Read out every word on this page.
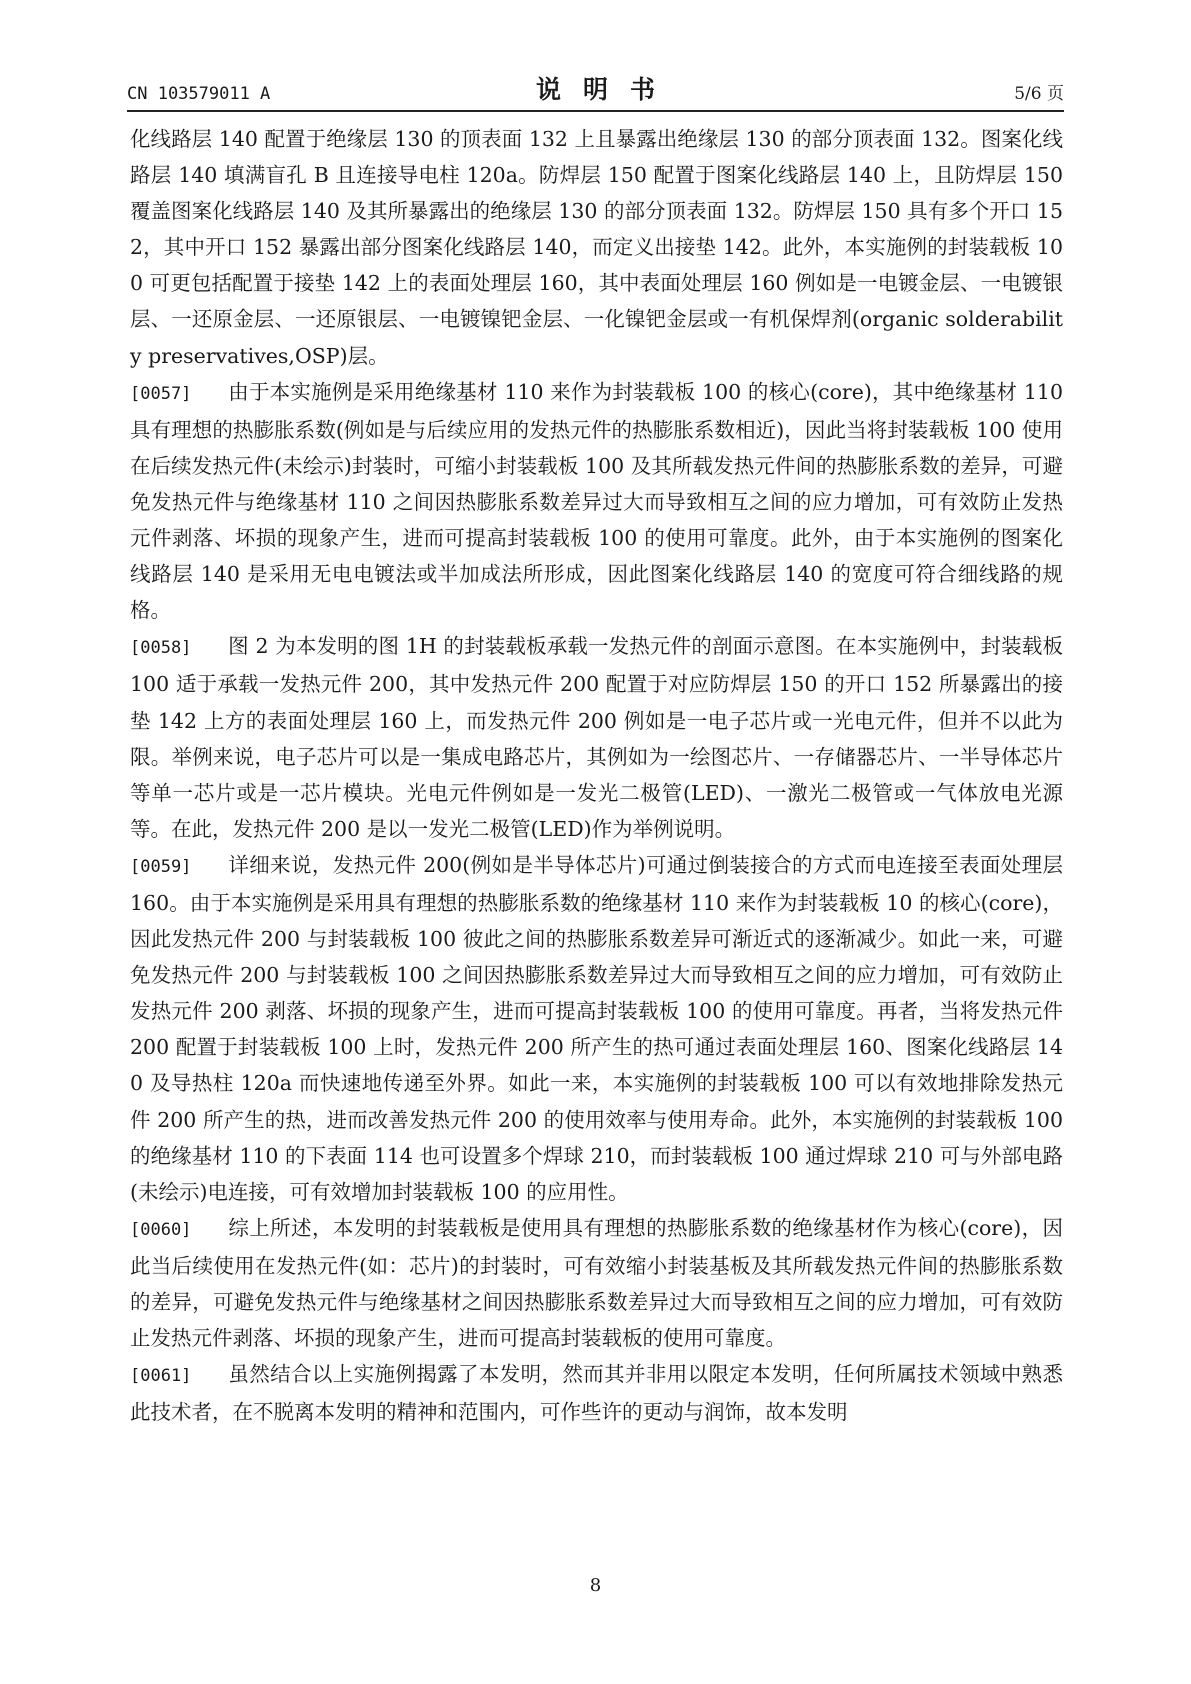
CN 103579011 A	说明书	5/6 页

化线路层 140 配置于绝缘层 130 的顶表面 132 上且暴露出绝缘层 130 的部分顶表面 132。图案化线路层 140 填满盲孔 B 且连接导电柱 120a。防焊层 150 配置于图案化线路层 140 上，且防焊层 150 覆盖图案化线路层 140 及其所暴露出的绝缘层 130 的部分顶表面 132。防焊层 150 具有多个开口 152，其中开口 152 暴露出部分图案化线路层 140，而定义出接垫 142。此外，本实施例的封装载板 100 可更包括配置于接垫 142 上的表面处理层 160，其中表面处理层 160 例如是一电镀金层、一电镀银层、一还原金层、一还原银层、一电镀镍钯金层、一化镍钯金层或一有机保焊剂(organic solderability preservatives,OSP)层。

[0057] 由于本实施例是采用绝缘基材 110 来作为封装载板 100 的核心(core)，其中绝缘基材 110 具有理想的热膨胀系数(例如是与后续应用的发热元件的热膨胀系数相近)，因此当将封装载板 100 使用在后续发热元件(未绘示)封装时，可缩小封装载板 100 及其所载发热元件间的热膨胀系数的差异，可避免发热元件与绝缘基材 110 之间因热膨胀系数差异过大而导致相互之间的应力增加，可有效防止发热元件剥落、坏损的现象产生，进而可提高封装载板 100 的使用可靠度。此外，由于本实施例的图案化线路层 140 是采用无电电镀法或半加成法所形成，因此图案化线路层 140 的宽度可符合细线路的规格。

[0058] 图 2 为本发明的图 1H 的封装载板承载一发热元件的剖面示意图。在本实施例中，封装载板 100 适于承载一发热元件 200，其中发热元件 200 配置于对应防焊层 150 的开口 152 所暴露出的接垫 142 上方的表面处理层 160 上，而发热元件 200 例如是一电子芯片或一光电元件，但并不以此为限。举例来说，电子芯片可以是一集成电路芯片，其例如为一绘图芯片、一存储器芯片、一半导体芯片等单一芯片或是一芯片模块。光电元件例如是一发光二极管(LED)、一激光二极管或一气体放电光源等。在此，发热元件 200 是以一发光二极管(LED)作为举例说明。

[0059] 详细来说，发热元件 200(例如是半导体芯片)可通过倒装接合的方式而电连接至表面处理层 160。由于本实施例是采用具有理想的热膨胀系数的绝缘基材 110 来作为封装载板 10 的核心(core)，因此发热元件 200 与封装载板 100 彼此之间的热膨胀系数差异可渐近式的逐渐减少。如此一来，可避免发热元件 200 与封装载板 100 之间因热膨胀系数差异过大而导致相互之间的应力增加，可有效防止发热元件 200 剥落、坏损的现象产生，进而可提高封装载板 100 的使用可靠度。再者，当将发热元件 200 配置于封装载板 100 上时，发热元件 200 所产生的热可通过表面处理层 160、图案化线路层 140 及导热柱 120a 而快速地传递至外界。如此一来，本实施例的封装载板 100 可以有效地排除发热元件 200 所产生的热，进而改善发热元件 200 的使用效率与使用寿命。此外，本实施例的封装载板 100 的绝缘基材 110 的下表面 114 也可设置多个焊球 210，而封装载板 100 通过焊球 210 可与外部电路(未绘示)电连接，可有效增加封装载板 100 的应用性。

[0060] 综上所述，本发明的封装载板是使用具有理想的热膨胀系数的绝缘基材作为核心(core)，因此当后续使用在发热元件(如：芯片)的封装时，可有效缩小封装基板及其所载发热元件间的热膨胀系数的差异，可避免发热元件与绝缘基材之间因热膨胀系数差异过大而导致相互之间的应力增加，可有效防止发热元件剥落、坏损的现象产生，进而可提高封装载板的使用可靠度。

[0061] 虽然结合以上实施例揭露了本发明，然而其并非用以限定本发明，任何所属技术领域中熟悉此技术者，在不脱离本发明的精神和范围内，可作些许的更动与润饰，故本发明

8
